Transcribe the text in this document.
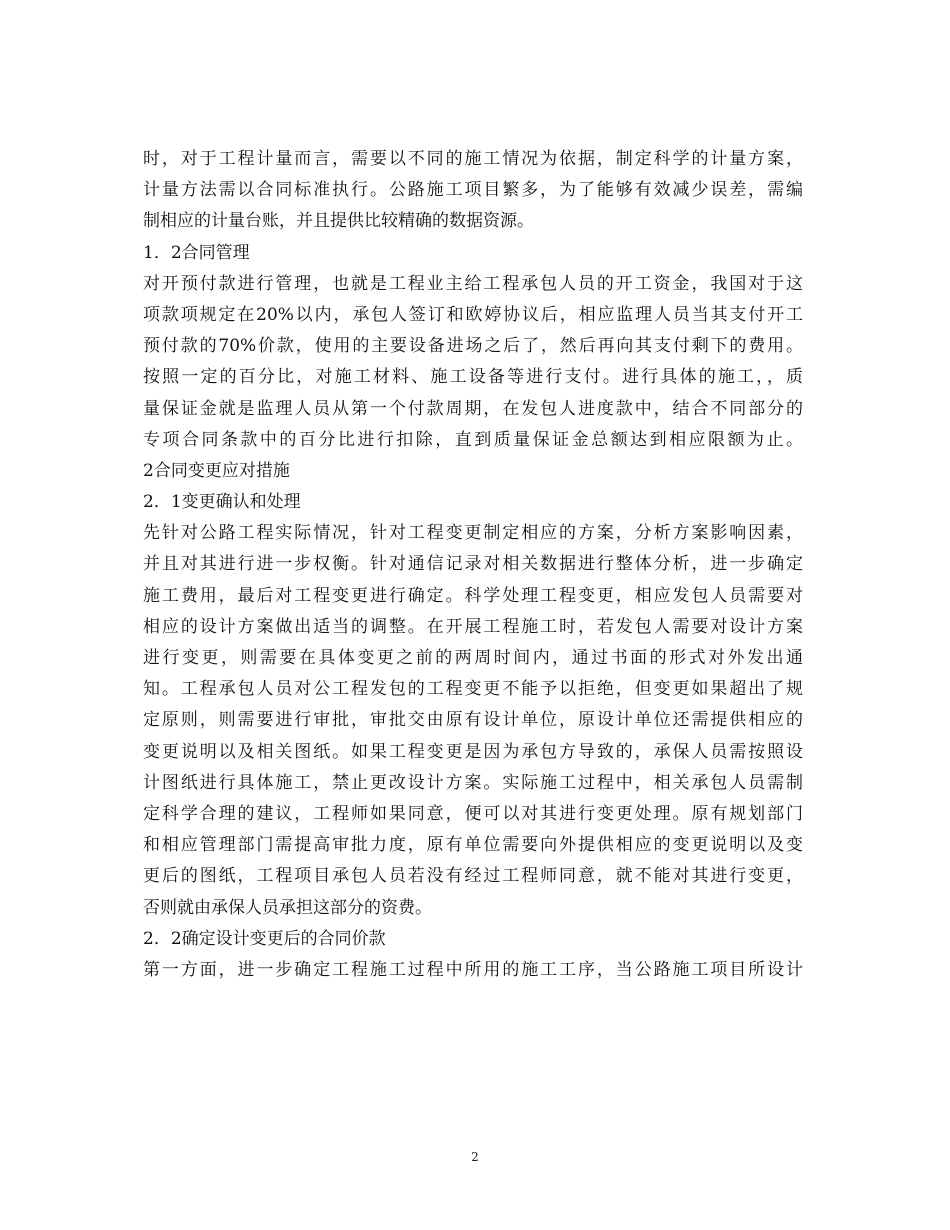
时，对于工程计量而言，需要以不同的施工情况为依据，制定科学的计量方案，
计量方法需以合同标准执行。公路施工项目繁多，为了能够有效减少误差，需编
制相应的计量台账，并且提供比较精确的数据资源。
1．2合同管理
对开预付款进行管理，也就是工程业主给工程承包人员的开工资金，我国对于这
项款项规定在20%以内，承包人签订和欧婷协议后，相应监理人员当其支付开工
预付款的70%价款，使用的主要设备进场之后了，然后再向其支付剩下的费用。
按照一定的百分比，对施工材料、施工设备等进行支付。进行具体的施工，，质
量保证金就是监理人员从第一个付款周期，在发包人进度款中，结合不同部分的
专项合同条款中的百分比进行扣除，直到质量保证金总额达到相应限额为止。
2合同变更应对措施
2．1变更确认和处理
先针对公路工程实际情况，针对工程变更制定相应的方案，分析方案影响因素，
并且对其进行进一步权衡。针对通信记录对相关数据进行整体分析，进一步确定
施工费用，最后对工程变更进行确定。科学处理工程变更，相应发包人员需要对
相应的设计方案做出适当的调整。在开展工程施工时，若发包人需要对设计方案
进行变更，则需要在具体变更之前的两周时间内，通过书面的形式对外发出通
知。工程承包人员对公工程发包的工程变更不能予以拒绝，但变更如果超出了规
定原则，则需要进行审批，审批交由原有设计单位，原设计单位还需提供相应的
变更说明以及相关图纸。如果工程变更是因为承包方导致的，承保人员需按照设
计图纸进行具体施工，禁止更改设计方案。实际施工过程中，相关承包人员需制
定科学合理的建议，工程师如果同意，便可以对其进行变更处理。原有规划部门
和相应管理部门需提高审批力度，原有单位需要向外提供相应的变更说明以及变
更后的图纸，工程项目承包人员若没有经过工程师同意，就不能对其进行变更，
否则就由承保人员承担这部分的资费。
2．2确定设计变更后的合同价款
第一方面，进一步确定工程施工过程中所用的施工工序，当公路施工项目所设计
2
